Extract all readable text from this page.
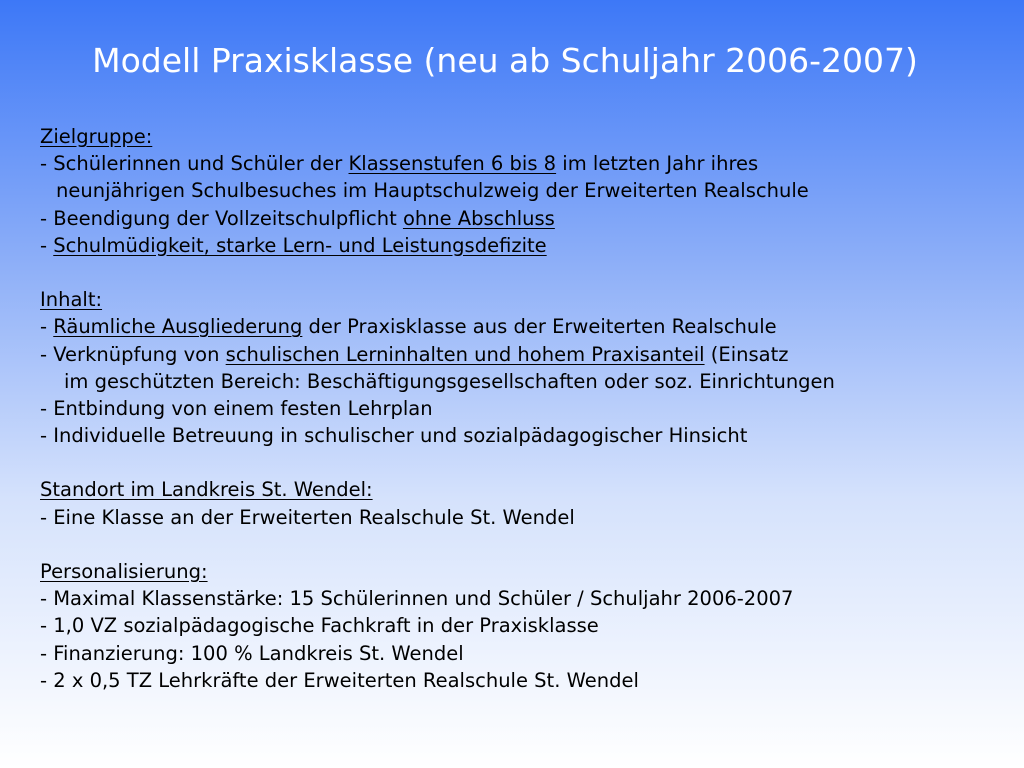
Modell Praxisklasse (neu ab Schuljahr 2006-2007)
Zielgruppe:
- Schülerinnen und Schüler der Klassenstufen 6 bis 8 im letzten Jahr ihres
neunjährigen Schulbesuches im Hauptschulzweig der Erweiterten Realschule
- Beendigung der Vollzeitschulpflicht ohne Abschluss
- Schulmüdigkeit, starke Lern- und Leistungsdefizite
Inhalt:
- Räumliche Ausgliederung der Praxisklasse aus der Erweiterten Realschule
- Verknüpfung von schulischen Lerninhalten und hohem Praxisanteil (Einsatz
im geschützten Bereich: Beschäftigungsgesellschaften oder soz. Einrichtungen
- Entbindung von einem festen Lehrplan
- Individuelle Betreuung in schulischer und sozialpädagogischer Hinsicht
Standort im Landkreis St. Wendel:
- Eine Klasse an der Erweiterten Realschule St. Wendel
Personalisierung:
- Maximal Klassenstärke: 15 Schülerinnen und Schüler / Schuljahr 2006-2007
- 1,0 VZ sozialpädagogische Fachkraft in der Praxisklasse
- Finanzierung: 100 % Landkreis St. Wendel
- 2 x 0,5 TZ Lehrkräfte der Erweiterten Realschule St. Wendel
